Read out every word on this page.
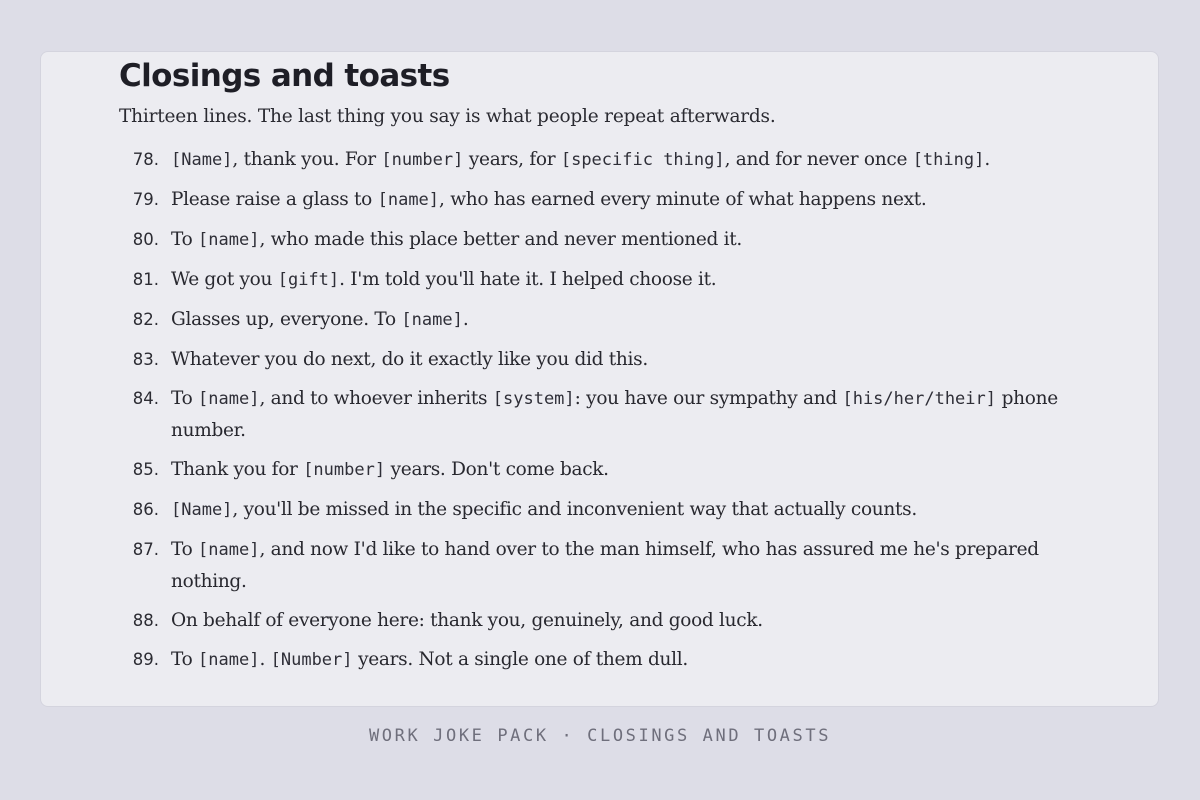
Closings and toasts

Thirteen lines. The last thing you say is what people repeat afterwards.

78. [Name], thank you. For [number] years, for [specific thing], and for never once [thing].
79. Please raise a glass to [name], who has earned every minute of what happens next.
80. To [name], who made this place better and never mentioned it.
81. We got you [gift]. I'm told you'll hate it. I helped choose it.
82. Glasses up, everyone. To [name].
83. Whatever you do next, do it exactly like you did this.
84. To [name], and to whoever inherits [system]: you have our sympathy and [his/her/their] phone number.
85. Thank you for [number] years. Don't come back.
86. [Name], you'll be missed in the specific and inconvenient way that actually counts.
87. To [name], and now I'd like to hand over to the man himself, who has assured me he's prepared nothing.
88. On behalf of everyone here: thank you, genuinely, and good luck.
89. To [name]. [Number] years. Not a single one of them dull.
WORK JOKE PACK · CLOSINGS AND TOASTS
